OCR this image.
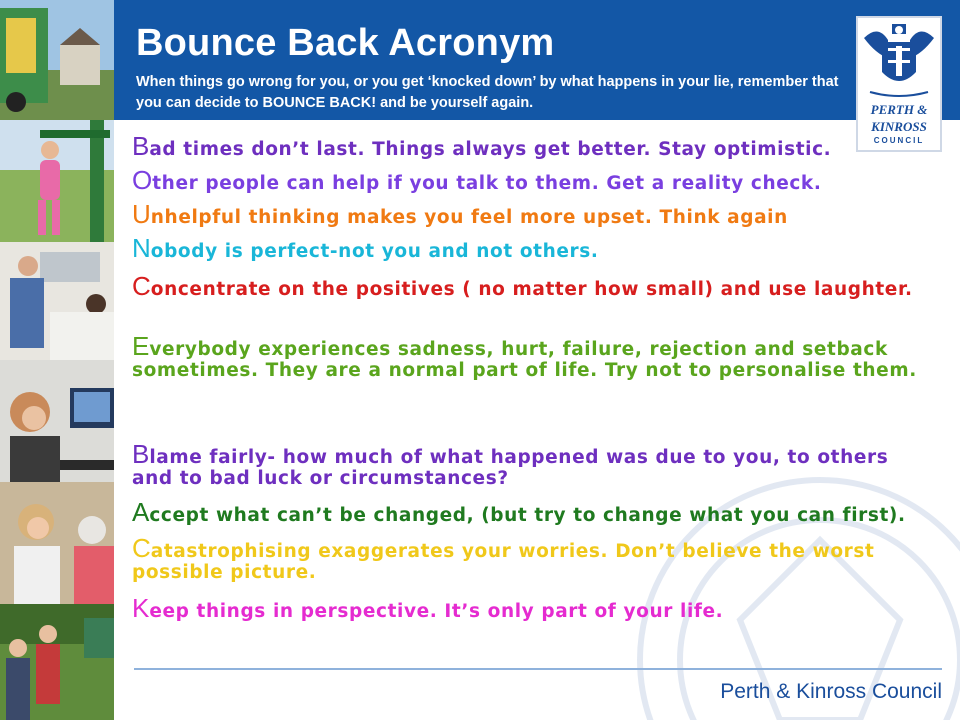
Bounce Back Acronym

When things go wrong for you, or you get ‘knocked down’ by what happens in your lie, remember that you can decide to BOUNCE BACK! and be yourself again.	PERTH &
KINROSS
COUNCIL

Bad times don’t last. Things always get better. Stay optimistic.

Other people can help if you talk to them. Get a reality check.

Unhelpful thinking makes you feel more upset. Think again

Nobody is perfect-not you and not others.

Concentrate on the positives ( no matter how small) and use laughter.

Everybody experiences sadness, hurt, failure, rejection and setback sometimes. They are a normal part of life. Try not to personalise them.

Blame fairly- how much of what happened was due to you, to others and to bad luck or circumstances?

Accept what can’t be changed, (but try to change what you can first).

Catastrophising exaggerates your worries. Don’t believe the worst possible picture.

Keep things in perspective. It’s only part of your life.

Perth & Kinross Council
